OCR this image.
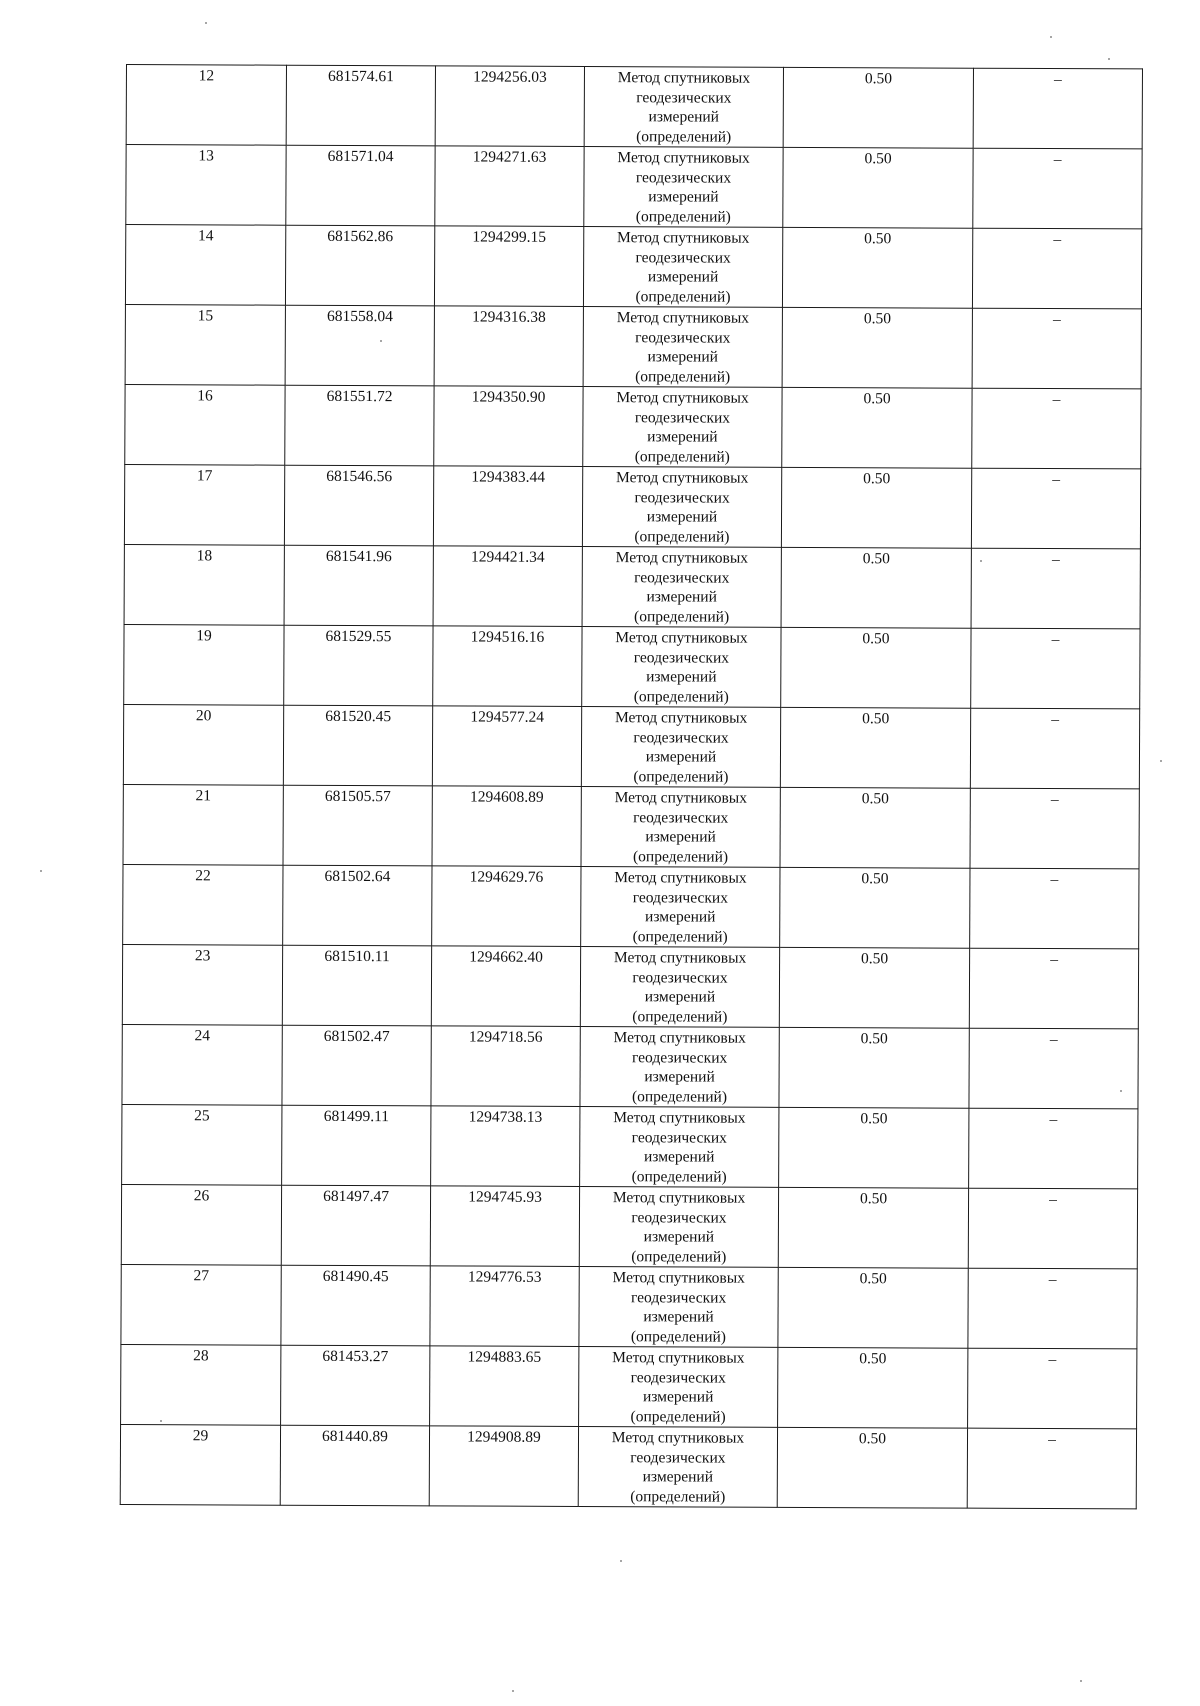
12	681574.61	1294256.03	Метод спутниковых
геодезических
измерений
(определений)	0.50	–
13	681571.04	1294271.63	Метод спутниковых
геодезических
измерений
(определений)	0.50	–
14	681562.86	1294299.15	Метод спутниковых
геодезических
измерений
(определений)	0.50	–
15	681558.04	1294316.38	Метод спутниковых
геодезических
измерений
(определений)	0.50	–
16	681551.72	1294350.90	Метод спутниковых
геодезических
измерений
(определений)	0.50	–
17	681546.56	1294383.44	Метод спутниковых
геодезических
измерений
(определений)	0.50	–
18	681541.96	1294421.34	Метод спутниковых
геодезических
измерений
(определений)	0.50	–
19	681529.55	1294516.16	Метод спутниковых
геодезических
измерений
(определений)	0.50	–
20	681520.45	1294577.24	Метод спутниковых
геодезических
измерений
(определений)	0.50	–
21	681505.57	1294608.89	Метод спутниковых
геодезических
измерений
(определений)	0.50	–
22	681502.64	1294629.76	Метод спутниковых
геодезических
измерений
(определений)	0.50	–
23	681510.11	1294662.40	Метод спутниковых
геодезических
измерений
(определений)	0.50	–
24	681502.47	1294718.56	Метод спутниковых
геодезических
измерений
(определений)	0.50	–
25	681499.11	1294738.13	Метод спутниковых
геодезических
измерений
(определений)	0.50	–
26	681497.47	1294745.93	Метод спутниковых
геодезических
измерений
(определений)	0.50	–
27	681490.45	1294776.53	Метод спутниковых
геодезических
измерений
(определений)	0.50	–
28	681453.27	1294883.65	Метод спутниковых
геодезических
измерений
(определений)	0.50	–
29	681440.89	1294908.89	Метод спутниковых
геодезических
измерений
(определений)	0.50	–
